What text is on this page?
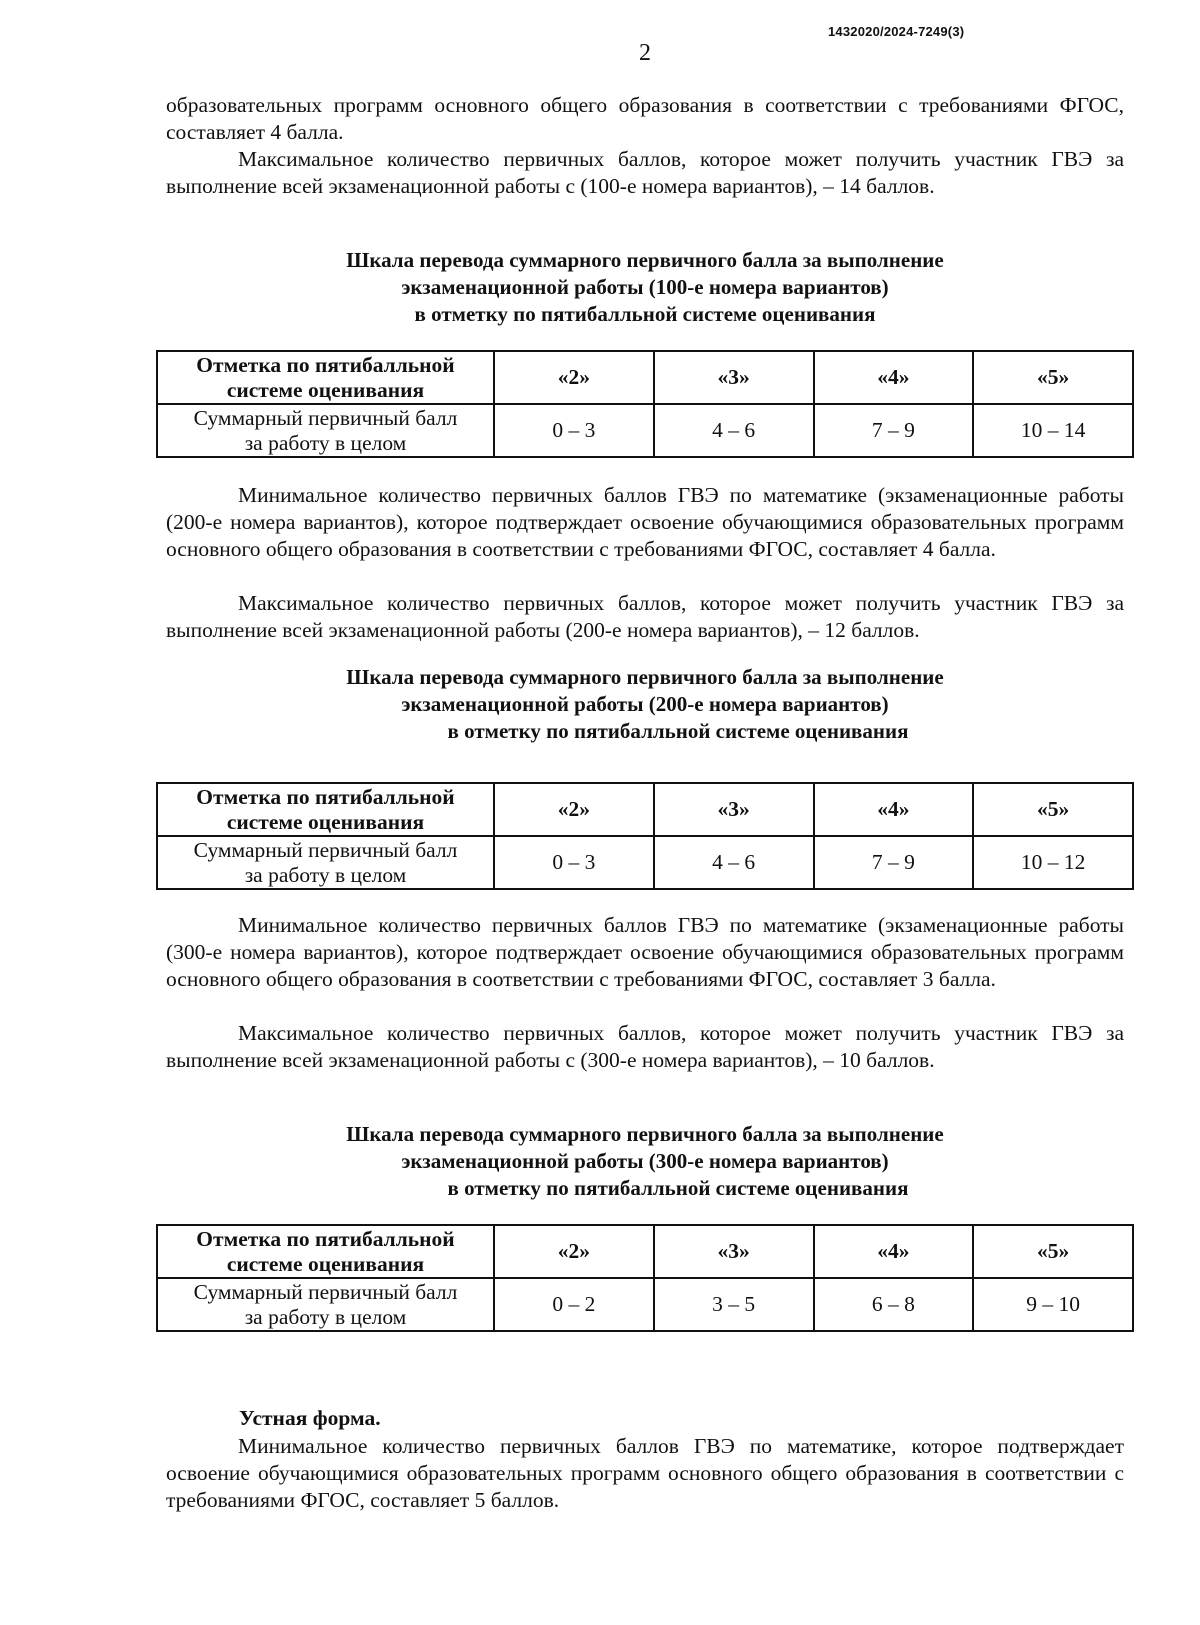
1432020/2024-7249(3)
2
образовательных программ основного общего образования в соответствии с требованиями ФГОС, составляет 4 балла.
Максимальное количество первичных баллов, которое может получить участник ГВЭ за выполнение всей экзаменационной работы с (100-е номера вариантов), – 14 баллов.
Шкала перевода суммарного первичного балла за выполнение
экзаменационной работы (100-е номера вариантов)
в отметку по пятибалльной системе оценивания
Отметка по пятибалльной
системе оценивания	«2»	«3»	«4»	«5»
Суммарный первичный балл
за работу в целом	0 – 3	4 – 6	7 – 9	10 – 14
Минимальное количество первичных баллов ГВЭ по математике (экзаменационные работы (200-е номера вариантов), которое подтверждает освоение обучающимися образовательных программ основного общего образования в соответствии с требованиями ФГОС, составляет 4 балла.
Максимальное количество первичных баллов, которое может получить участник ГВЭ за выполнение всей экзаменационной работы (200-е номера вариантов), – 12 баллов.
Шкала перевода суммарного первичного балла за выполнение
экзаменационной работы (200-е номера вариантов)
в отметку по пятибалльной системе оценивания
Отметка по пятибалльной
системе оценивания	«2»	«3»	«4»	«5»
Суммарный первичный балл
за работу в целом	0 – 3	4 – 6	7 – 9	10 – 12
Минимальное количество первичных баллов ГВЭ по математике (экзаменационные работы (300-е номера вариантов), которое подтверждает освоение обучающимися образовательных программ основного общего образования в соответствии с требованиями ФГОС, составляет 3 балла.
Максимальное количество первичных баллов, которое может получить участник ГВЭ за выполнение всей экзаменационной работы с (300-е номера вариантов), – 10 баллов.
Шкала перевода суммарного первичного балла за выполнение
экзаменационной работы (300-е номера вариантов)
в отметку по пятибалльной системе оценивания
Отметка по пятибалльной
системе оценивания	«2»	«3»	«4»	«5»
Суммарный первичный балл
за работу в целом	0 – 2	3 – 5	6 – 8	9 – 10
Устная форма.
Минимальное количество первичных баллов ГВЭ по математике, которое подтверждает освоение обучающимися образовательных программ основного общего образования в соответствии с требованиями ФГОС, составляет 5 баллов.
